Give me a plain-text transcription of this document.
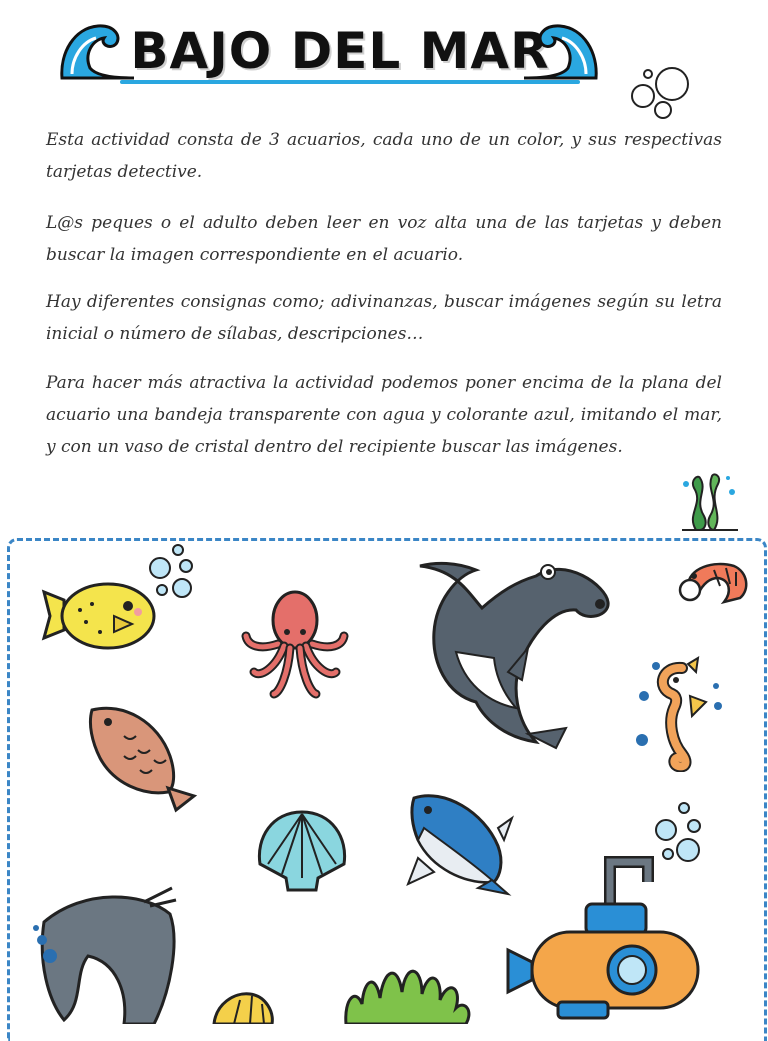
BAJO DEL MAR
Esta actividad consta de 3 acuarios, cada uno de un color, y sus respectivas tarjetas detective.
L@s peques o el adulto deben leer en voz alta una de las tarjetas y deben buscar la imagen correspondiente en el acuario.
Hay diferentes consignas como; adivinanzas, buscar imágenes según su letra inicial o número de sílabas, descripciones…
Para hacer más atractiva la actividad podemos poner encima de la plana del acuario una bandeja transparente con agua y colorante azul, imitando el mar, y con un vaso de cristal dentro del recipiente buscar las imágenes.
